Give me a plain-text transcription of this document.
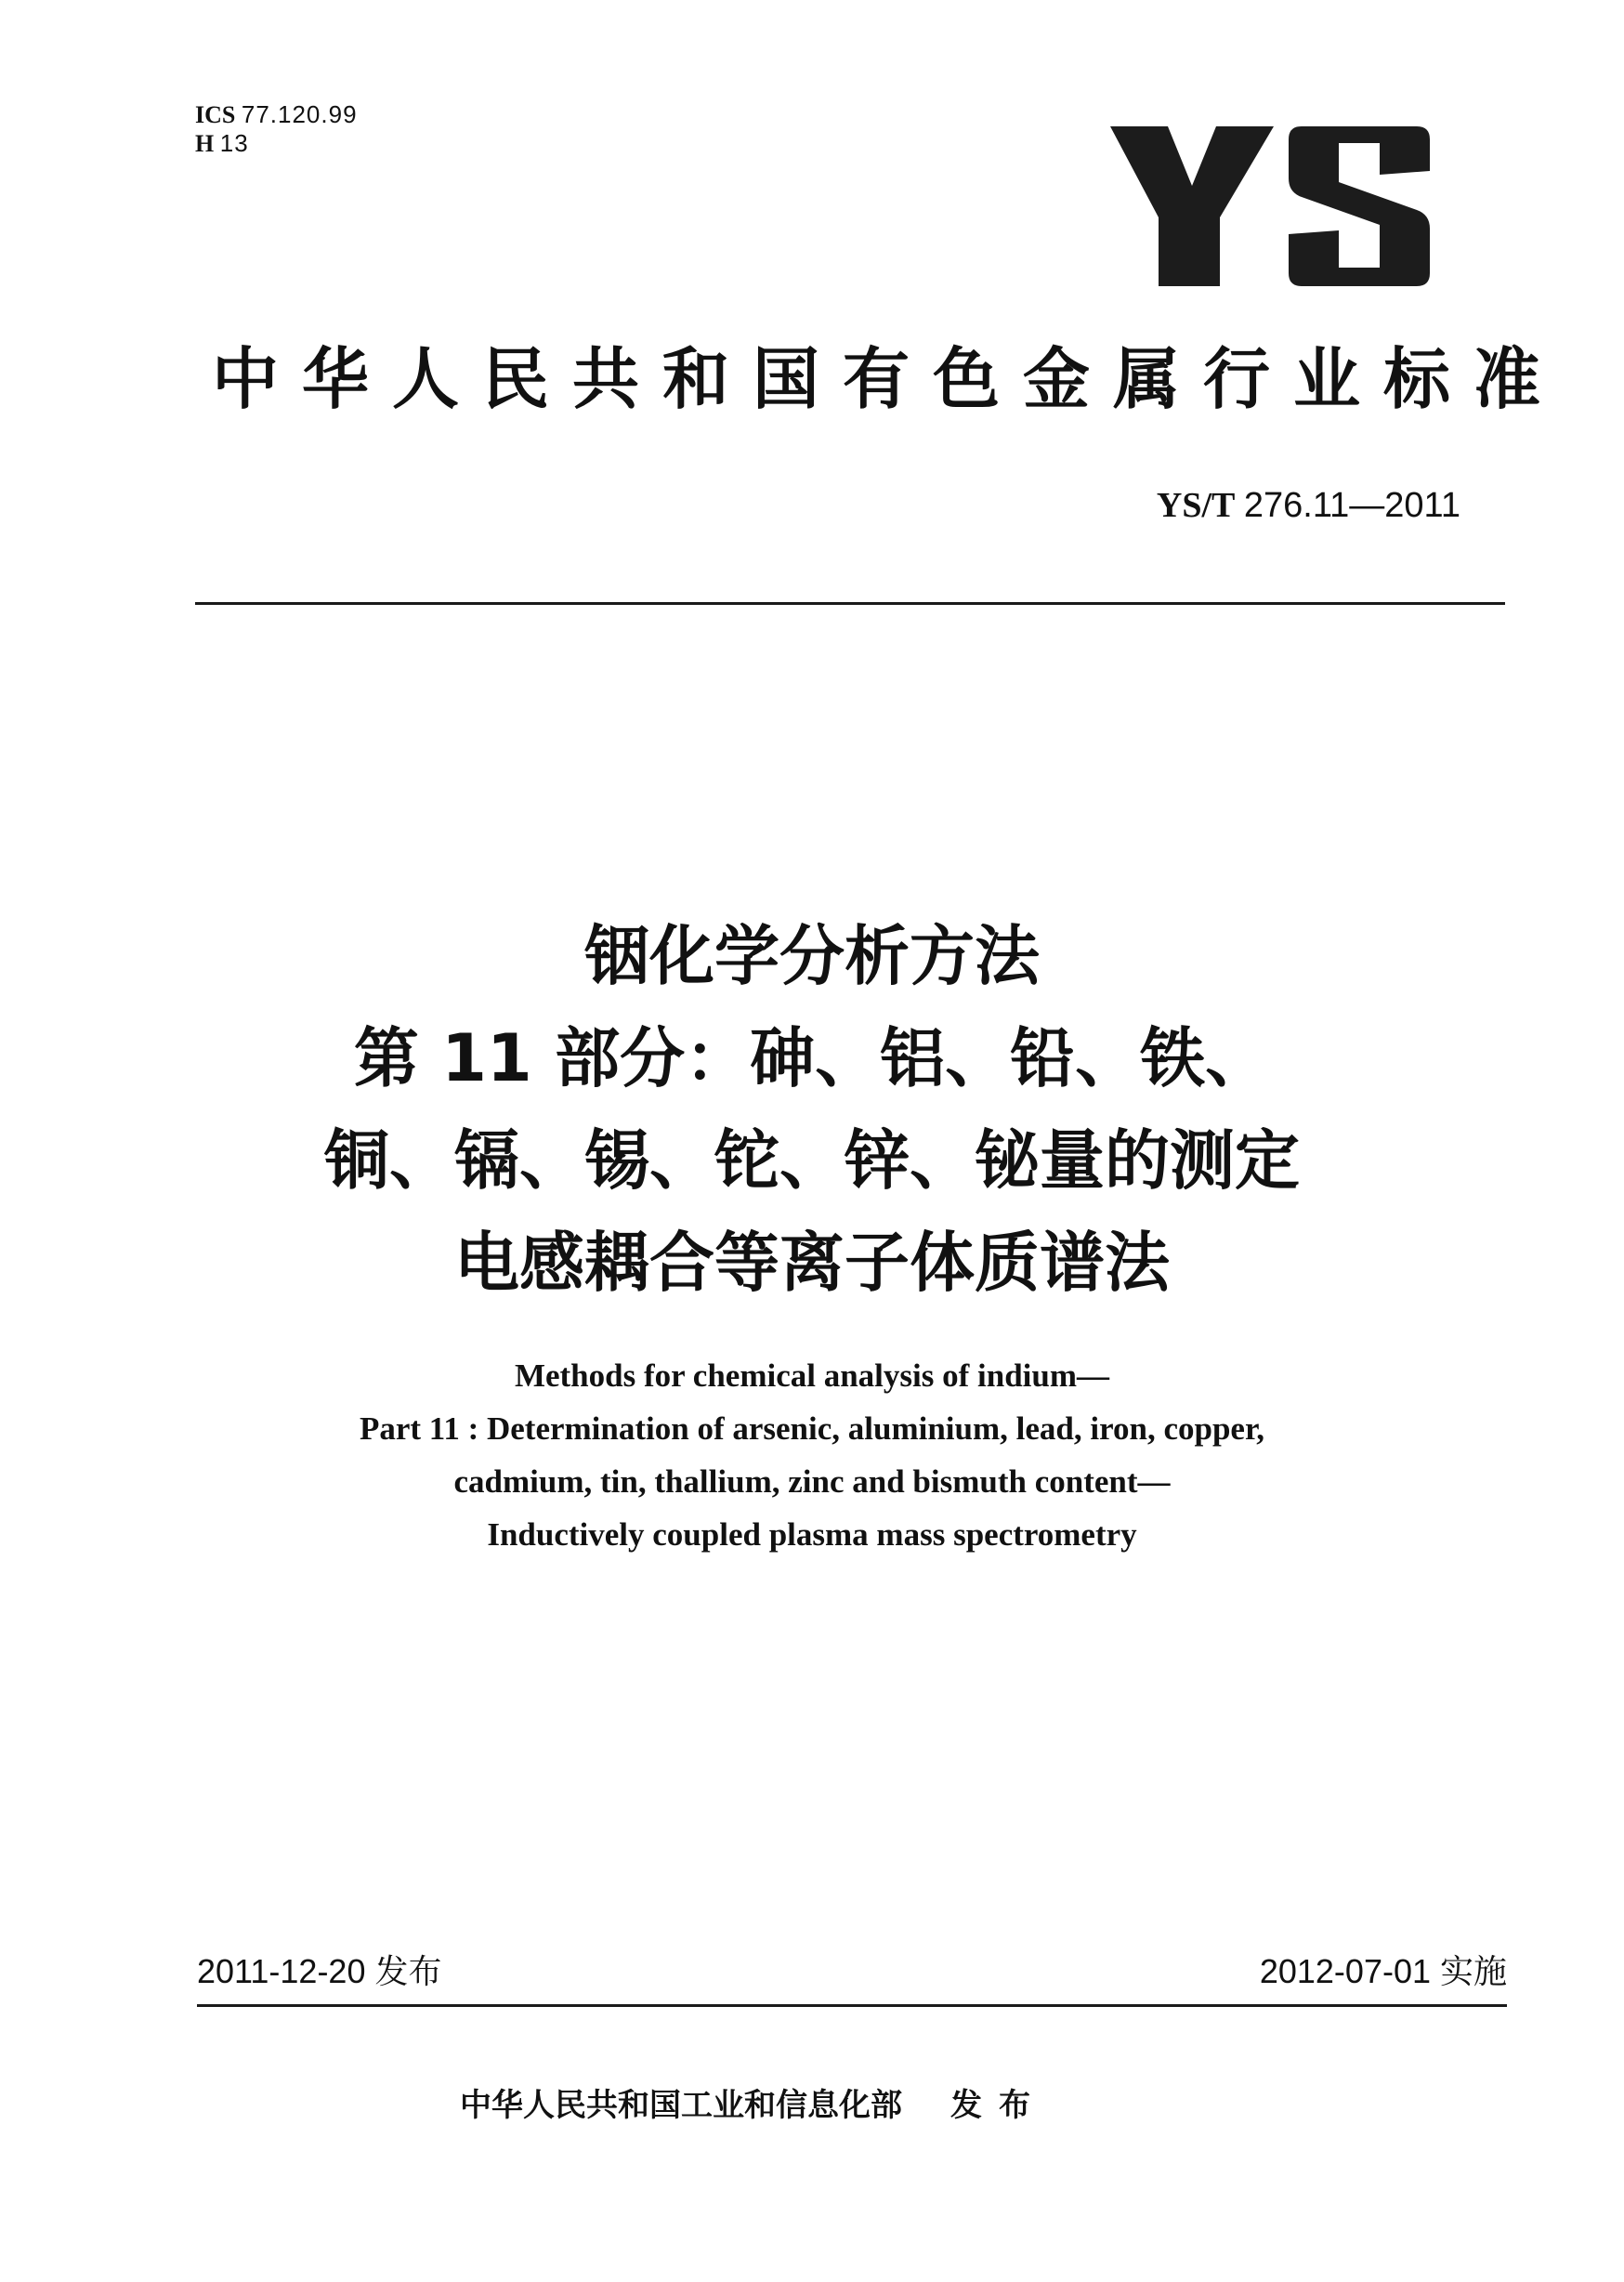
ICS 77.120.99
H 13
中华人民共和国有色金属行业标准
YS/T 276.11—2011
铟化学分析方法
第 11 部分：砷、铝、铅、铁、
铜、镉、锡、铊、锌、铋量的测定
电感耦合等离子体质谱法
Methods for chemical analysis of indium—
Part 11 : Determination of arsenic, aluminium, lead, iron, copper,
cadmium, tin, thallium, zinc and bismuth content—
Inductively coupled plasma mass spectrometry
2011-12-20 发布	2012-07-01 实施
中华人民共和国工业和信息化部 发布
